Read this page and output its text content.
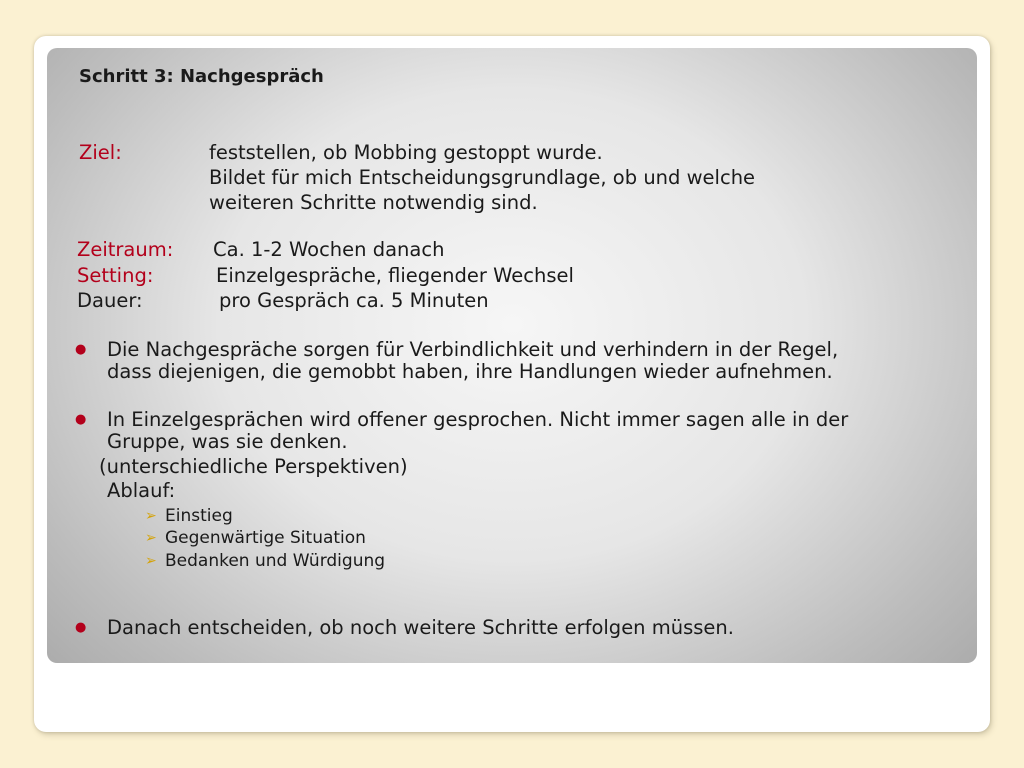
Schritt 3: Nachgespräch
Ziel:	feststellen, ob Mobbing gestoppt wurde.
Bildet für mich Entscheidungsgrundlage, ob und welche
weiteren Schritte notwendig sind.
Zeitraum: Ca. 1-2 Wochen danach
Setting:	Einzelgespräche, fliegender Wechsel
Dauer:	pro Gespräch ca. 5 Minuten
● Die Nachgespräche sorgen für Verbindlichkeit und verhindern in der Regel,
dass diejenigen, die gemobbt haben, ihre Handlungen wieder aufnehmen.
● In Einzelgesprächen wird offener gesprochen. Nicht immer sagen alle in der
Gruppe, was sie denken.
(unterschiedliche Perspektiven)
Ablauf:
➢ Einstieg
➢ Gegenwärtige Situation
➢ Bedanken und Würdigung
● Danach entscheiden, ob noch weitere Schritte erfolgen müssen.
